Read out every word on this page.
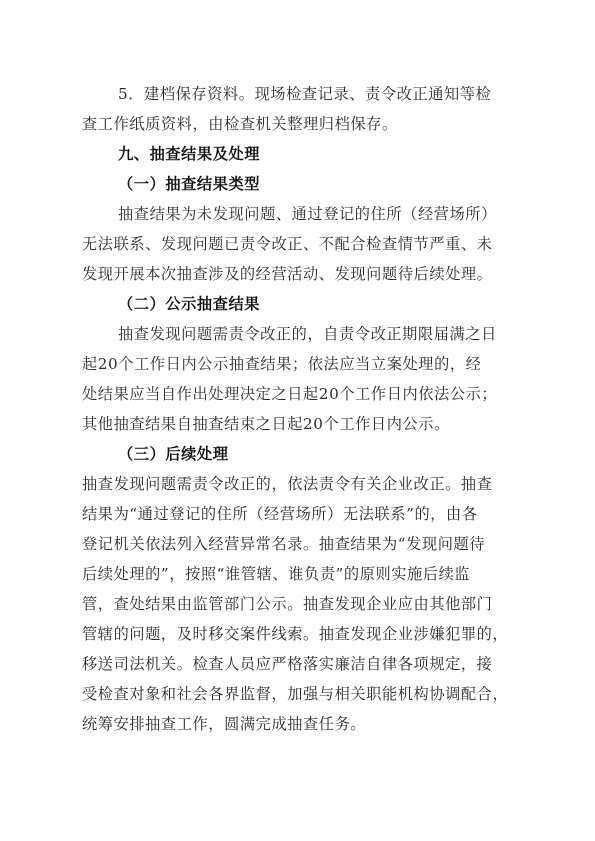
5．建档保存资料。现场检查记录、责令改正通知等检
查工作纸质资料，由检查机关整理归档保存。
九、抽查结果及处理
（一）抽查结果类型
抽查结果为未发现问题、通过登记的住所（经营场所）
无法联系、发现问题已责令改正、不配合检查情节严重、未
发现开展本次抽查涉及的经营活动、发现问题待后续处理。
（二）公示抽查结果
抽查发现问题需责令改正的，自责令改正期限届满之日
起20个工作日内公示抽查结果；依法应当立案处理的，经
处结果应当自作出处理决定之日起20个工作日内依法公示；
其他抽查结果自抽查结束之日起20个工作日内公示。
（三）后续处理
抽查发现问题需责令改正的，依法责令有关企业改正。抽查
结果为“通过登记的住所（经营场所）无法联系”的，由各
登记机关依法列入经营异常名录。抽查结果为“发现问题待
后续处理的”，按照“谁管辖、谁负责”的原则实施后续监
管，查处结果由监管部门公示。抽查发现企业应由其他部门
管辖的问题，及时移交案件线索。抽查发现企业涉嫌犯罪的，
移送司法机关。检查人员应严格落实廉洁自律各项规定，接
受检查对象和社会各界监督，加强与相关职能机构协调配合，
统筹安排抽查工作，圆满完成抽查任务。
